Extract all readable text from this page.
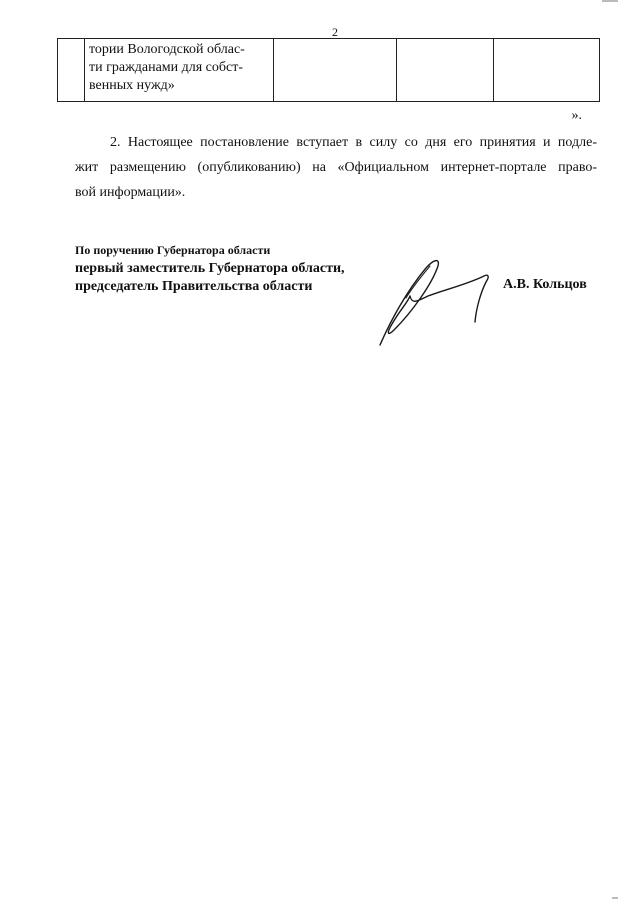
2

тории Вологодской облас-
ти гражданами для собст-
венных нужд»

».
2. Настоящее постановление вступает в силу со дня его принятия и подле-
жит размещению (опубликованию) на «Официальном интернет-портале право-
вой информации».
По поручению Губернатора области
первый заместитель Губернатора области,
председатель Правительства области	А.В. Кольцов
